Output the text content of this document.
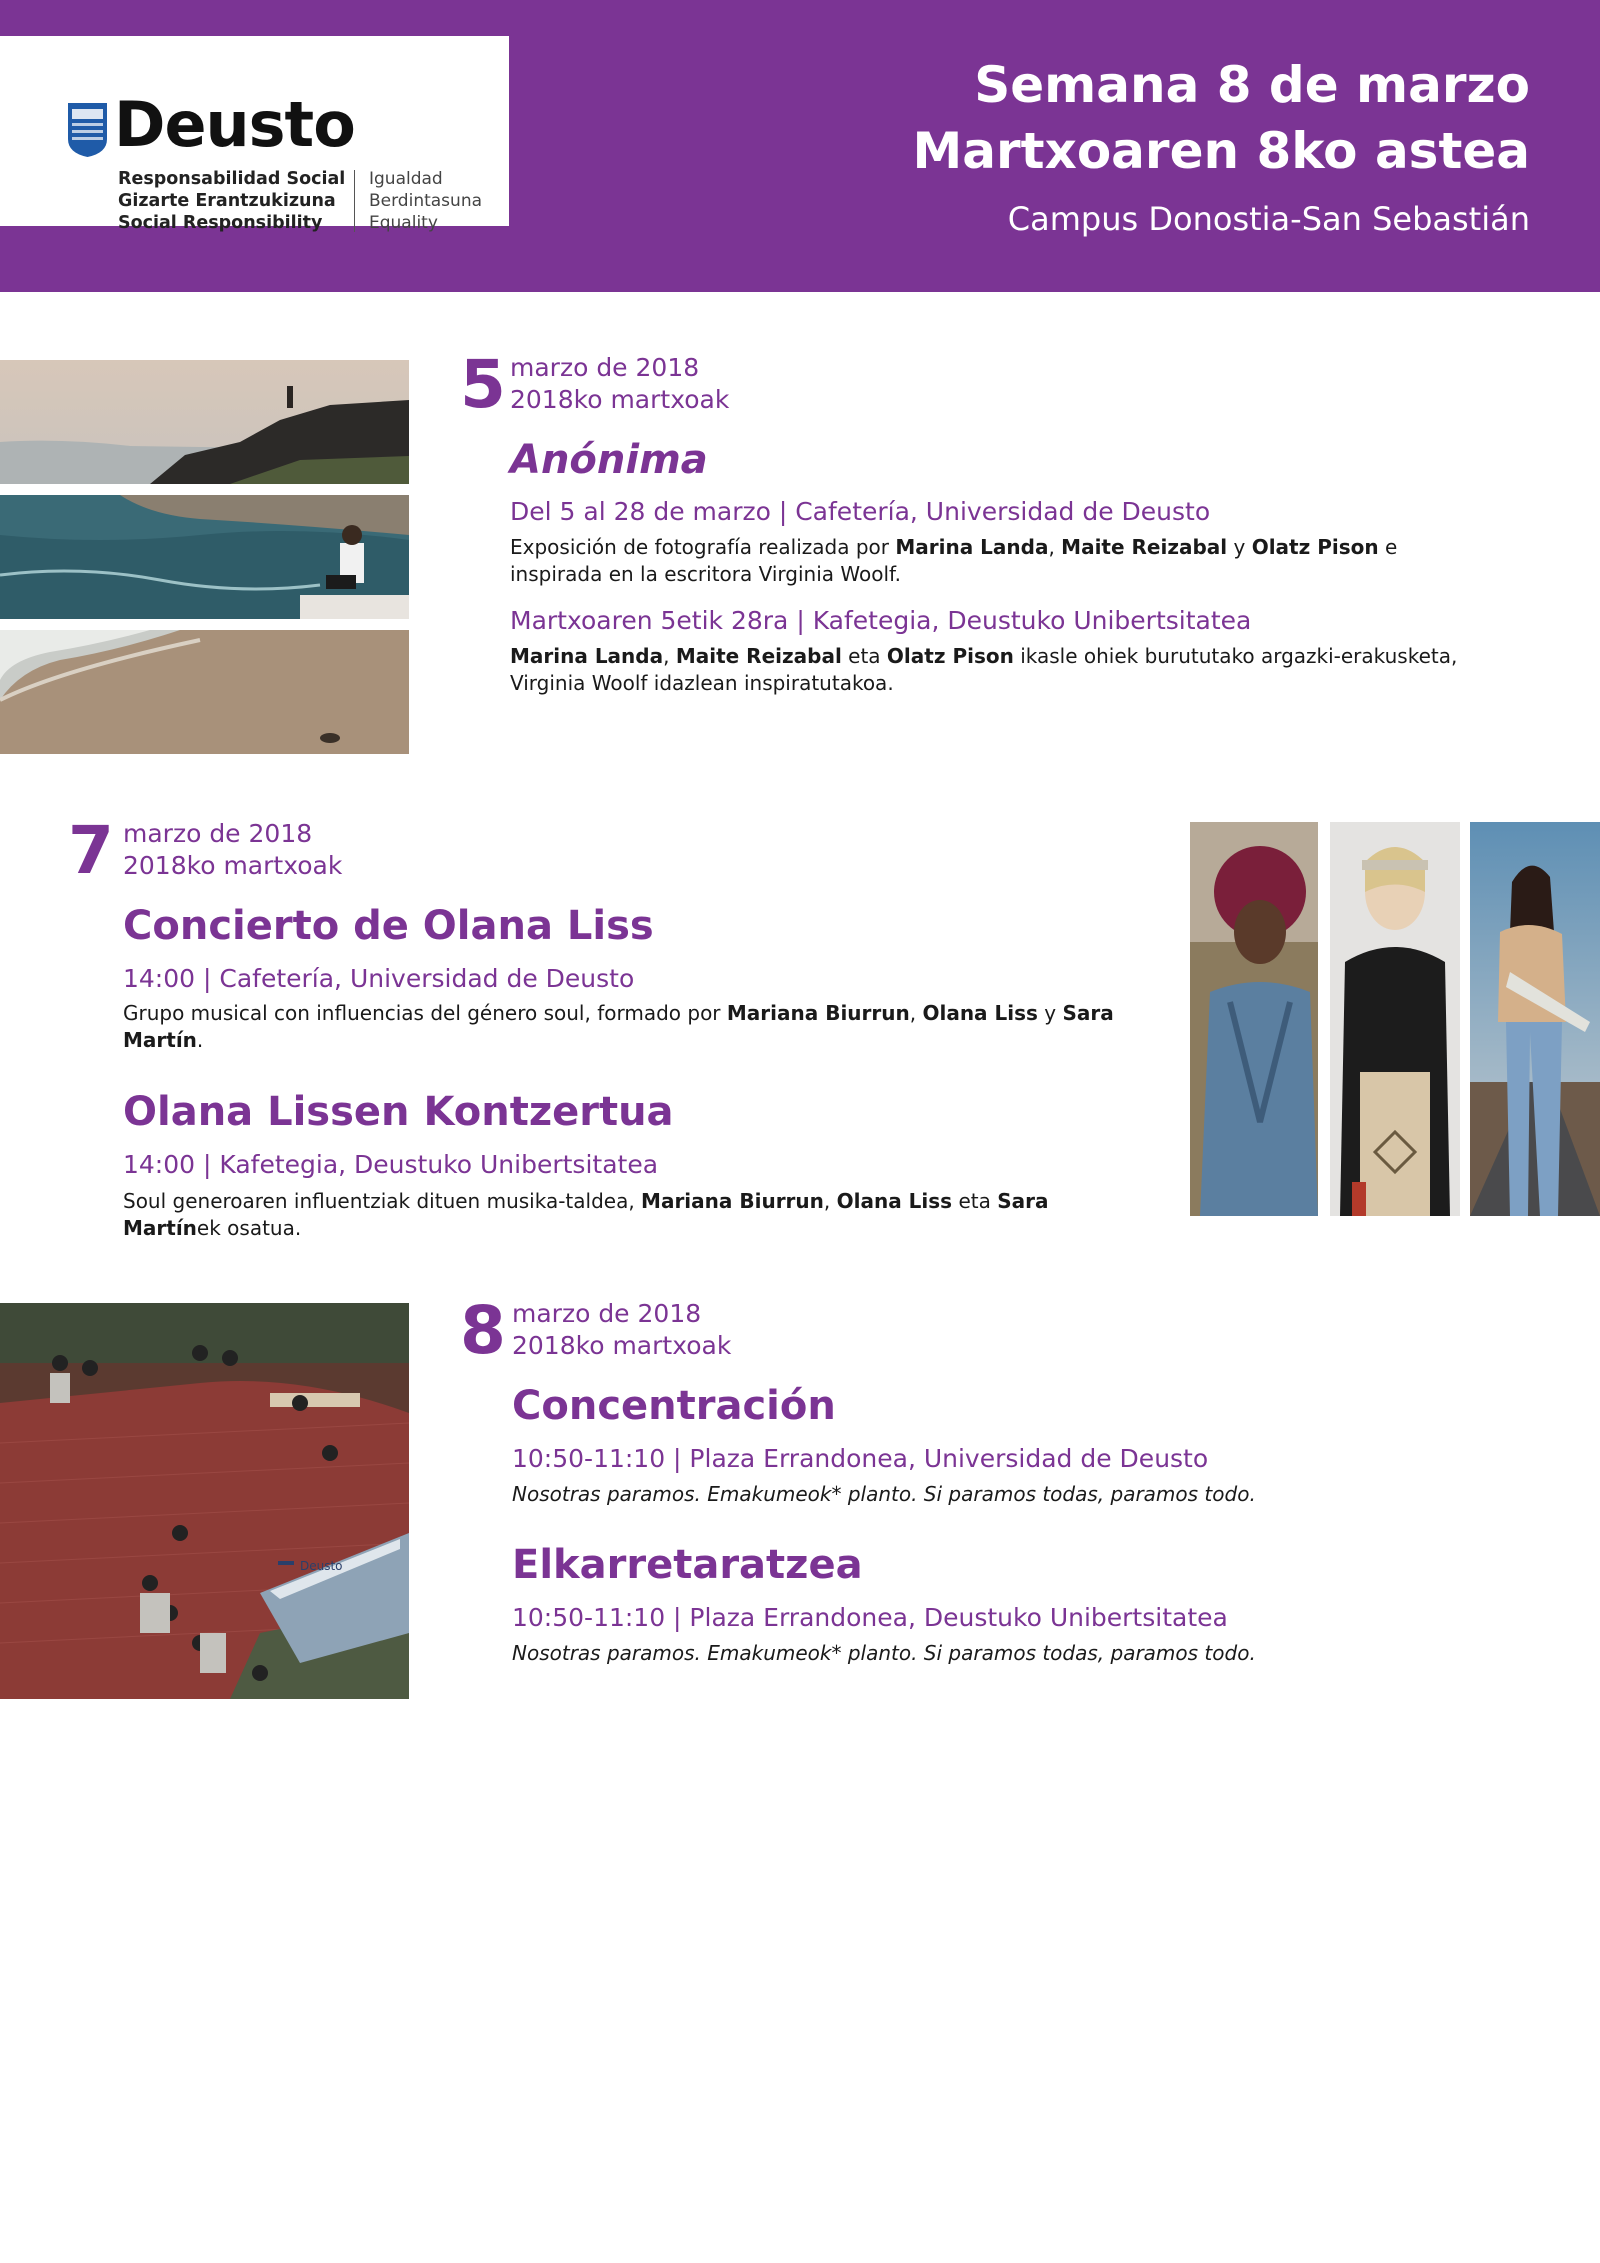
Deusto
Responsabilidad Social
Gizarte Erantzukizuna
Social Responsibility
Igualdad
Berdintasuna
Equality
Semana 8 de marzo
Martxoaren 8ko astea
Campus Donostia-San Sebastián
5 marzo de 2018
2018ko martxoak
Anónima
Del 5 al 28 de marzo | Cafetería, Universidad de Deusto
Exposición de fotografía realizada por Marina Landa, Maite Reizabal y Olatz Pison e inspirada en la escritora Virginia Woolf.
Martxoaren 5etik 28ra | Kafetegia, Deustuko Unibertsitatea
Marina Landa, Maite Reizabal eta Olatz Pison ikasle ohiek burututako argazki-erakusketa, Virginia Woolf idazlean inspiratutakoa.
7 marzo de 2018
2018ko martxoak
Concierto de Olana Liss
14:00 | Cafetería, Universidad de Deusto
Grupo musical con influencias del género soul, formado por Mariana Biurrun, Olana Liss y Sara Martín.
Olana Lissen Kontzertua
14:00 | Kafetegia, Deustuko Unibertsitatea
Soul generoaren influentziak dituen musika-taldea, Mariana Biurrun, Olana Liss eta Sara Martínek osatua.
Deusto
8 marzo de 2018
2018ko martxoak
Concentración
10:50-11:10 | Plaza Errandonea, Universidad de Deusto
Nosotras paramos. Emakumeok* planto. Si paramos todas, paramos todo.
Elkarretaratzea
10:50-11:10 | Plaza Errandonea, Deustuko Unibertsitatea
Nosotras paramos. Emakumeok* planto. Si paramos todas, paramos todo.
